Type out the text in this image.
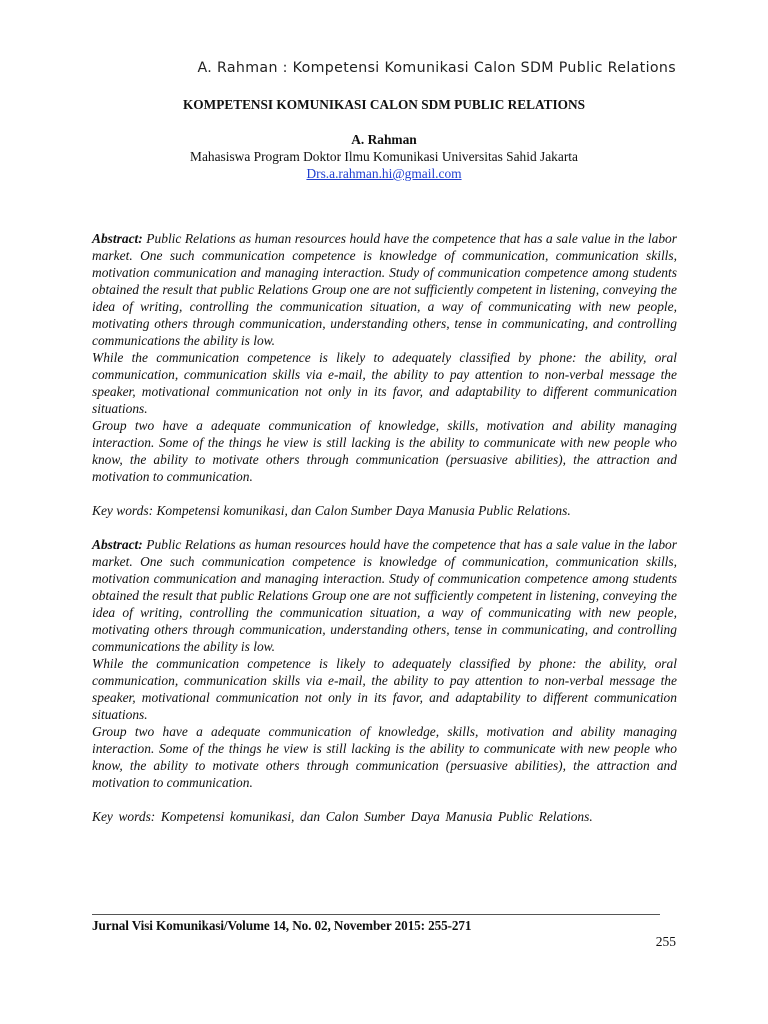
A. Rahman : Kompetensi Komunikasi Calon SDM Public Relations

KOMPETENSI KOMUNIKASI CALON SDM PUBLIC RELATIONS

A. Rahman

Mahasiswa Program Doktor Ilmu Komunikasi Universitas Sahid Jakarta

Drs.a.rahman.hi@gmail.com

Abstract: Public Relations as human resources hould have the competence that has a sale value in the labor market. One such communication competence is knowledge of communication, communication skills, motivation communication and managing interaction. Study of communication competence among students obtained the result that public Relations Group one are not sufficiently competent in listening, conveying the idea of writing, controlling the communication situation, a way of communicating with new people, motivating others through communication, understanding others, tense in communicating, and controlling communications the ability is low.

While the communication competence is likely to adequately classified by phone: the ability, oral communication, communication skills via e-mail, the ability to pay attention to non-verbal message the speaker, motivational communication not only in its favor, and adaptability to different communication situations.

Group two have a adequate communication of knowledge, skills, motivation and ability managing interaction. Some of the things he view is still lacking is the ability to communicate with new people who know, the ability to motivate others through communication (persuasive abilities), the attraction and motivation to communication.

Key words: Kompetensi komunikasi, dan Calon Sumber Daya Manusia Public Relations.

Abstract: Public Relations as human resources hould have the competence that has a sale value in the labor market. One such communication competence is knowledge of communication, communication skills, motivation communication and managing interaction. Study of communication competence among students obtained the result that public Relations Group one are not sufficiently competent in listening, conveying the idea of writing, controlling the communication situation, a way of communicating with new people, motivating others through communication, understanding others, tense in communicating, and controlling communications the ability is low.

While the communication competence is likely to adequately classified by phone: the ability, oral communication, communication skills via e-mail, the ability to pay attention to non-verbal message the speaker, motivational communication not only in its favor, and adaptability to different communication situations.

Group two have a adequate communication of knowledge, skills, motivation and ability managing interaction. Some of the things he view is still lacking is the ability to communicate with new people who know, the ability to motivate others through communication (persuasive abilities), the attraction and motivation to communication.

Key words: Kompetensi komunikasi, dan Calon Sumber Daya Manusia Public Relations.

Jurnal Visi Komunikasi/Volume 14, No. 02, November 2015: 255-271
255
